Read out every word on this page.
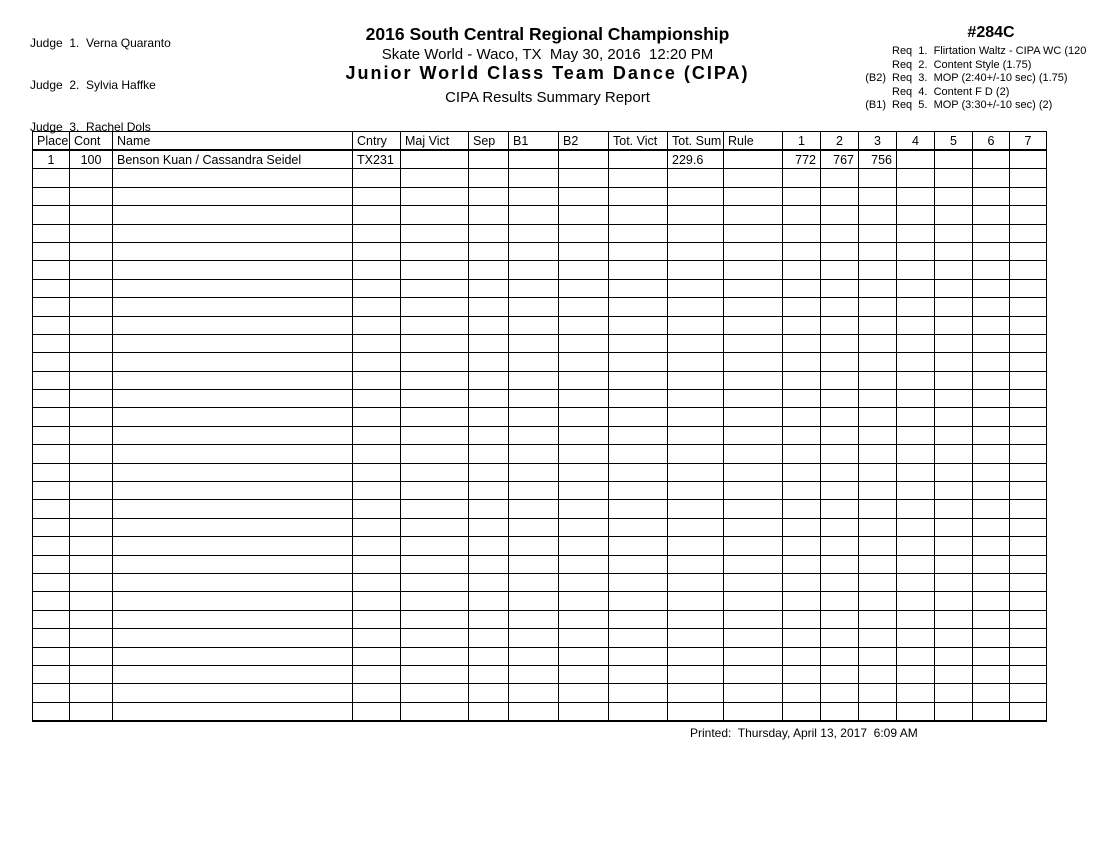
Judge  1.  Verna Quaranto

Judge  2.  Sylvia Haffke

Judge  3.  Rachel Dols

2016 South Central Regional Championship
Skate World - Waco, TX  May 30, 2016  12:20 PM
Junior World Class Team Dance (CIPA)
CIPA Results Summary Report
#284C
Req  1.  Flirtation Waltz - CIPA WC (120
Req  2.  Content Style (1.75)
(B2) Req  3.  MOP (2:40+/-10 sec) (1.75)
Req  4.  Content F D (2)
(B1) Req  5.  MOP (3:30+/-10 sec) (2)
Place	Cont	Name	Cntry	Maj Vict	Sep	B1	B2	Tot. Vict	Tot. Sum	Rule	1	2	3	4	5	6	7
1	100	Benson Kuan / Cassandra Seidel	TX231						229.6		772	767	756				

Printed:  Thursday, April 13, 2017  6:09 AM
